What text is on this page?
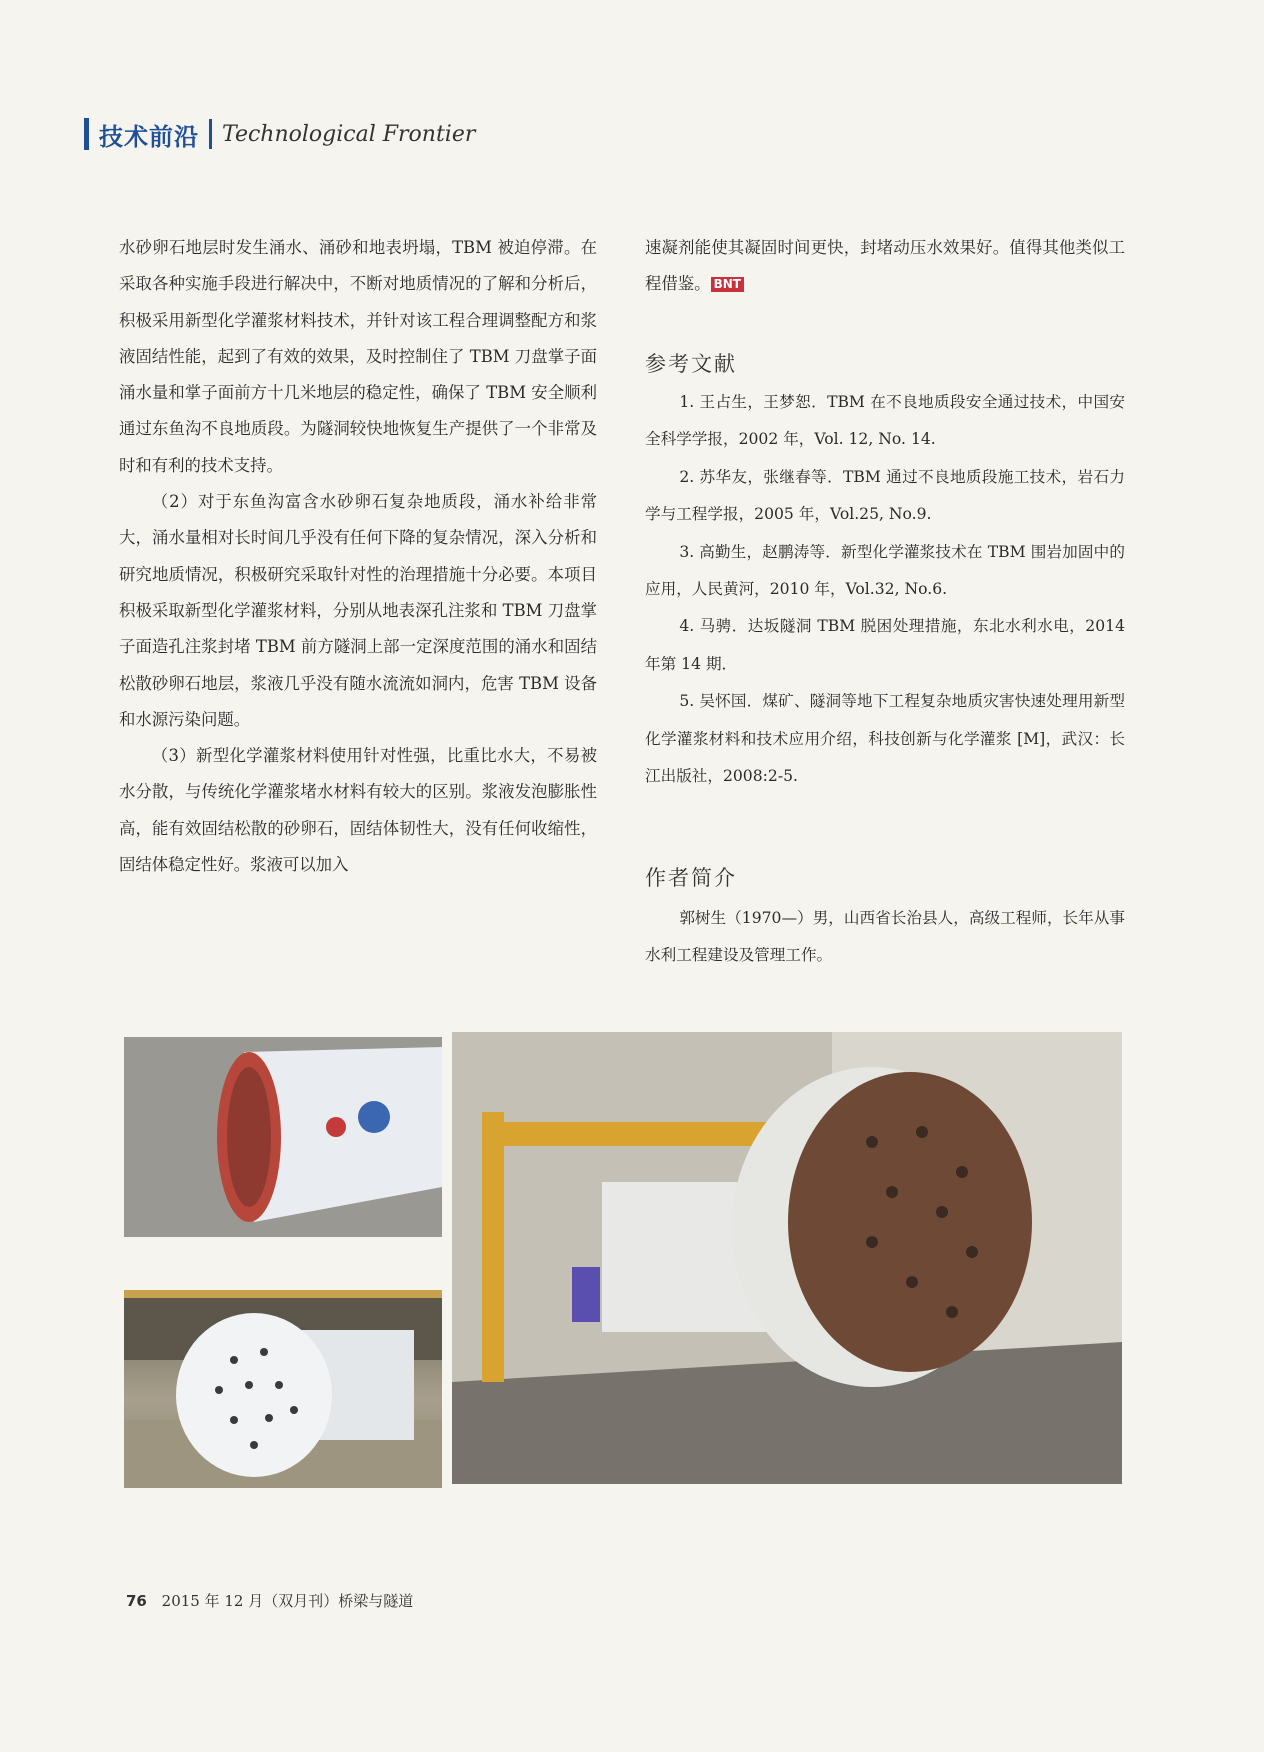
技术前沿 Technological Frontier

水砂卵石地层时发生涌水、涌砂和地表坍塌，TBM 被迫停滞。在采取各种实施手段进行解决中，不断对地质情况的了解和分析后，积极采用新型化学灌浆材料技术，并针对该工程合理调整配方和浆液固结性能，起到了有效的效果，及时控制住了 TBM 刀盘掌子面涌水量和掌子面前方十几米地层的稳定性，确保了 TBM 安全顺利通过东鱼沟不良地质段。为隧洞较快地恢复生产提供了一个非常及时和有利的技术支持。

（2）对于东鱼沟富含水砂卵石复杂地质段，涌水补给非常大，涌水量相对长时间几乎没有任何下降的复杂情况，深入分析和研究地质情况，积极研究采取针对性的治理措施十分必要。本项目积极采取新型化学灌浆材料，分别从地表深孔注浆和 TBM 刀盘掌子面造孔注浆封堵 TBM 前方隧洞上部一定深度范围的涌水和固结松散砂卵石地层，浆液几乎没有随水流流如洞内，危害 TBM 设备和水源污染问题。

（3）新型化学灌浆材料使用针对性强，比重比水大，不易被水分散，与传统化学灌浆堵水材料有较大的区别。浆液发泡膨胀性高，能有效固结松散的砂卵石，固结体韧性大，没有任何收缩性，固结体稳定性好。浆液可以加入

速凝剂能使其凝固时间更快，封堵动压水效果好。值得其他类似工程借鉴。 BNT

参考文献

1. 王占生，王梦恕．TBM 在不良地质段安全通过技术，中国安全科学学报，2002 年，Vol. 12, No. 14.

2. 苏华友，张继春等．TBM 通过不良地质段施工技术，岩石力学与工程学报，2005 年，Vol.25, No.9.

3. 高勤生，赵鹏涛等．新型化学灌浆技术在 TBM 围岩加固中的应用，人民黄河，2010 年，Vol.32, No.6.

4. 马骋．达坂隧洞 TBM 脱困处理措施，东北水利水电，2014 年第 14 期．

5. 吴怀国．煤矿、隧洞等地下工程复杂地质灾害快速处理用新型化学灌浆材料和技术应用介绍，科技创新与化学灌浆 [M]，武汉：长江出版社，2008:2-5.

作者简介

郭树生（1970—）男，山西省长治县人，高级工程师，长年从事水利工程建设及管理工作。

76 2015 年 12 月（双月刊）桥梁与隧道
